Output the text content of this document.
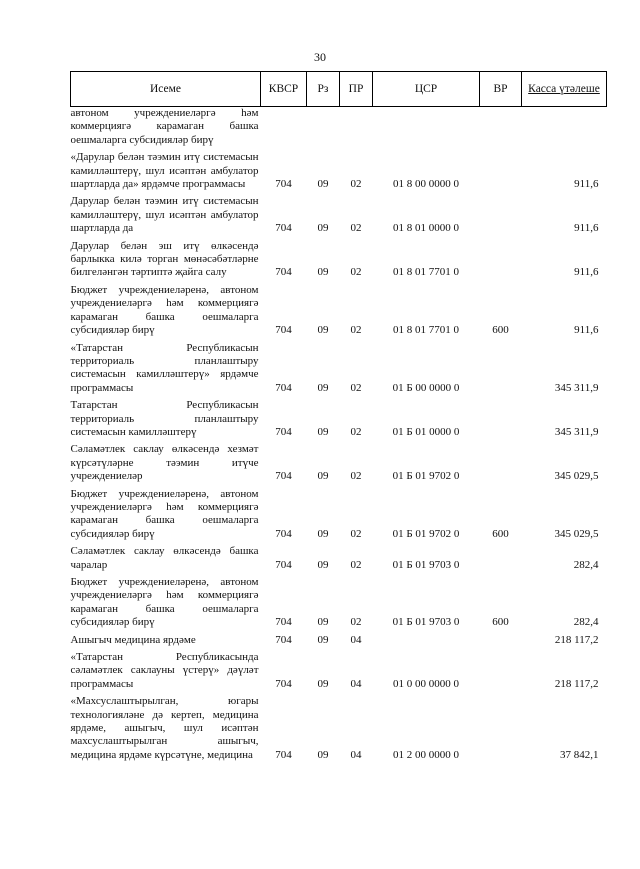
30
Исеме	КВСР	Рз	ПР	ЦСР	ВР	Касса үтәлеше
автоном учреждениеләргә һәм коммерциягә карамаган башка оешмаларга субсидияләр бирү						
«Дарулар белән тәэмин итү системасын камилләштерү, шул исәптән амбулатор шартларда да» ярдәмче программасы	704	09	02	01 8 00 0000 0		911,6
Дарулар белән тәэмин итү системасын камилләштерү, шул исәптән амбулатор шартларда да	704	09	02	01 8 01 0000 0		911,6
Дарулар белән эш итү өлкәсендә барлыкка килә торган мөнәсәбәтләрне билгеләнгән тәртиптә җайга салу	704	09	02	01 8 01 7701 0		911,6
Бюджет учреждениеләренә, автоном учреждениеләргә һәм коммерциягә карамаган башка оешмаларга субсидияләр бирү	704	09	02	01 8 01 7701 0	600	911,6
«Татарстан Республикасын территориаль планлаштыру системасын камилләштерү» ярдәмче программасы	704	09	02	01 Б 00 0000 0		345 311,9
Татарстан Республикасын территориаль планлаштыру системасын камилләштерү	704	09	02	01 Б 01 0000 0		345 311,9
Сәламәтлек саклау өлкәсендә хезмәт күрсәтүләрне тәэмин итүче учреждениеләр	704	09	02	01 Б 01 9702 0		345 029,5
Бюджет учреждениеләренә, автоном учреждениеләргә һәм коммерциягә карамаган башка оешмаларга субсидияләр бирү	704	09	02	01 Б 01 9702 0	600	345 029,5
Сәламәтлек саклау өлкәсендә башка чаралар	704	09	02	01 Б 01 9703 0		282,4
Бюджет учреждениеләренә, автоном учреждениеләргә һәм коммерциягә карамаган башка оешмаларга субсидияләр бирү	704	09	02	01 Б 01 9703 0	600	282,4
Ашыгыч медицина ярдәме	704	09	04			218 117,2
«Татарстан Республикасында сәламәтлек саклауны үстерү» дәүләт программасы	704	09	04	01 0 00 0000 0		218 117,2
«Махсуслаштырылган, югары технологияләне дә кертеп, медицина ярдәме, ашыгыч, шул исәптән махсуслаштырылган ашыгыч, медицина ярдәме күрсәтүне, медицина	704	09	04	01 2 00 0000 0		37 842,1
